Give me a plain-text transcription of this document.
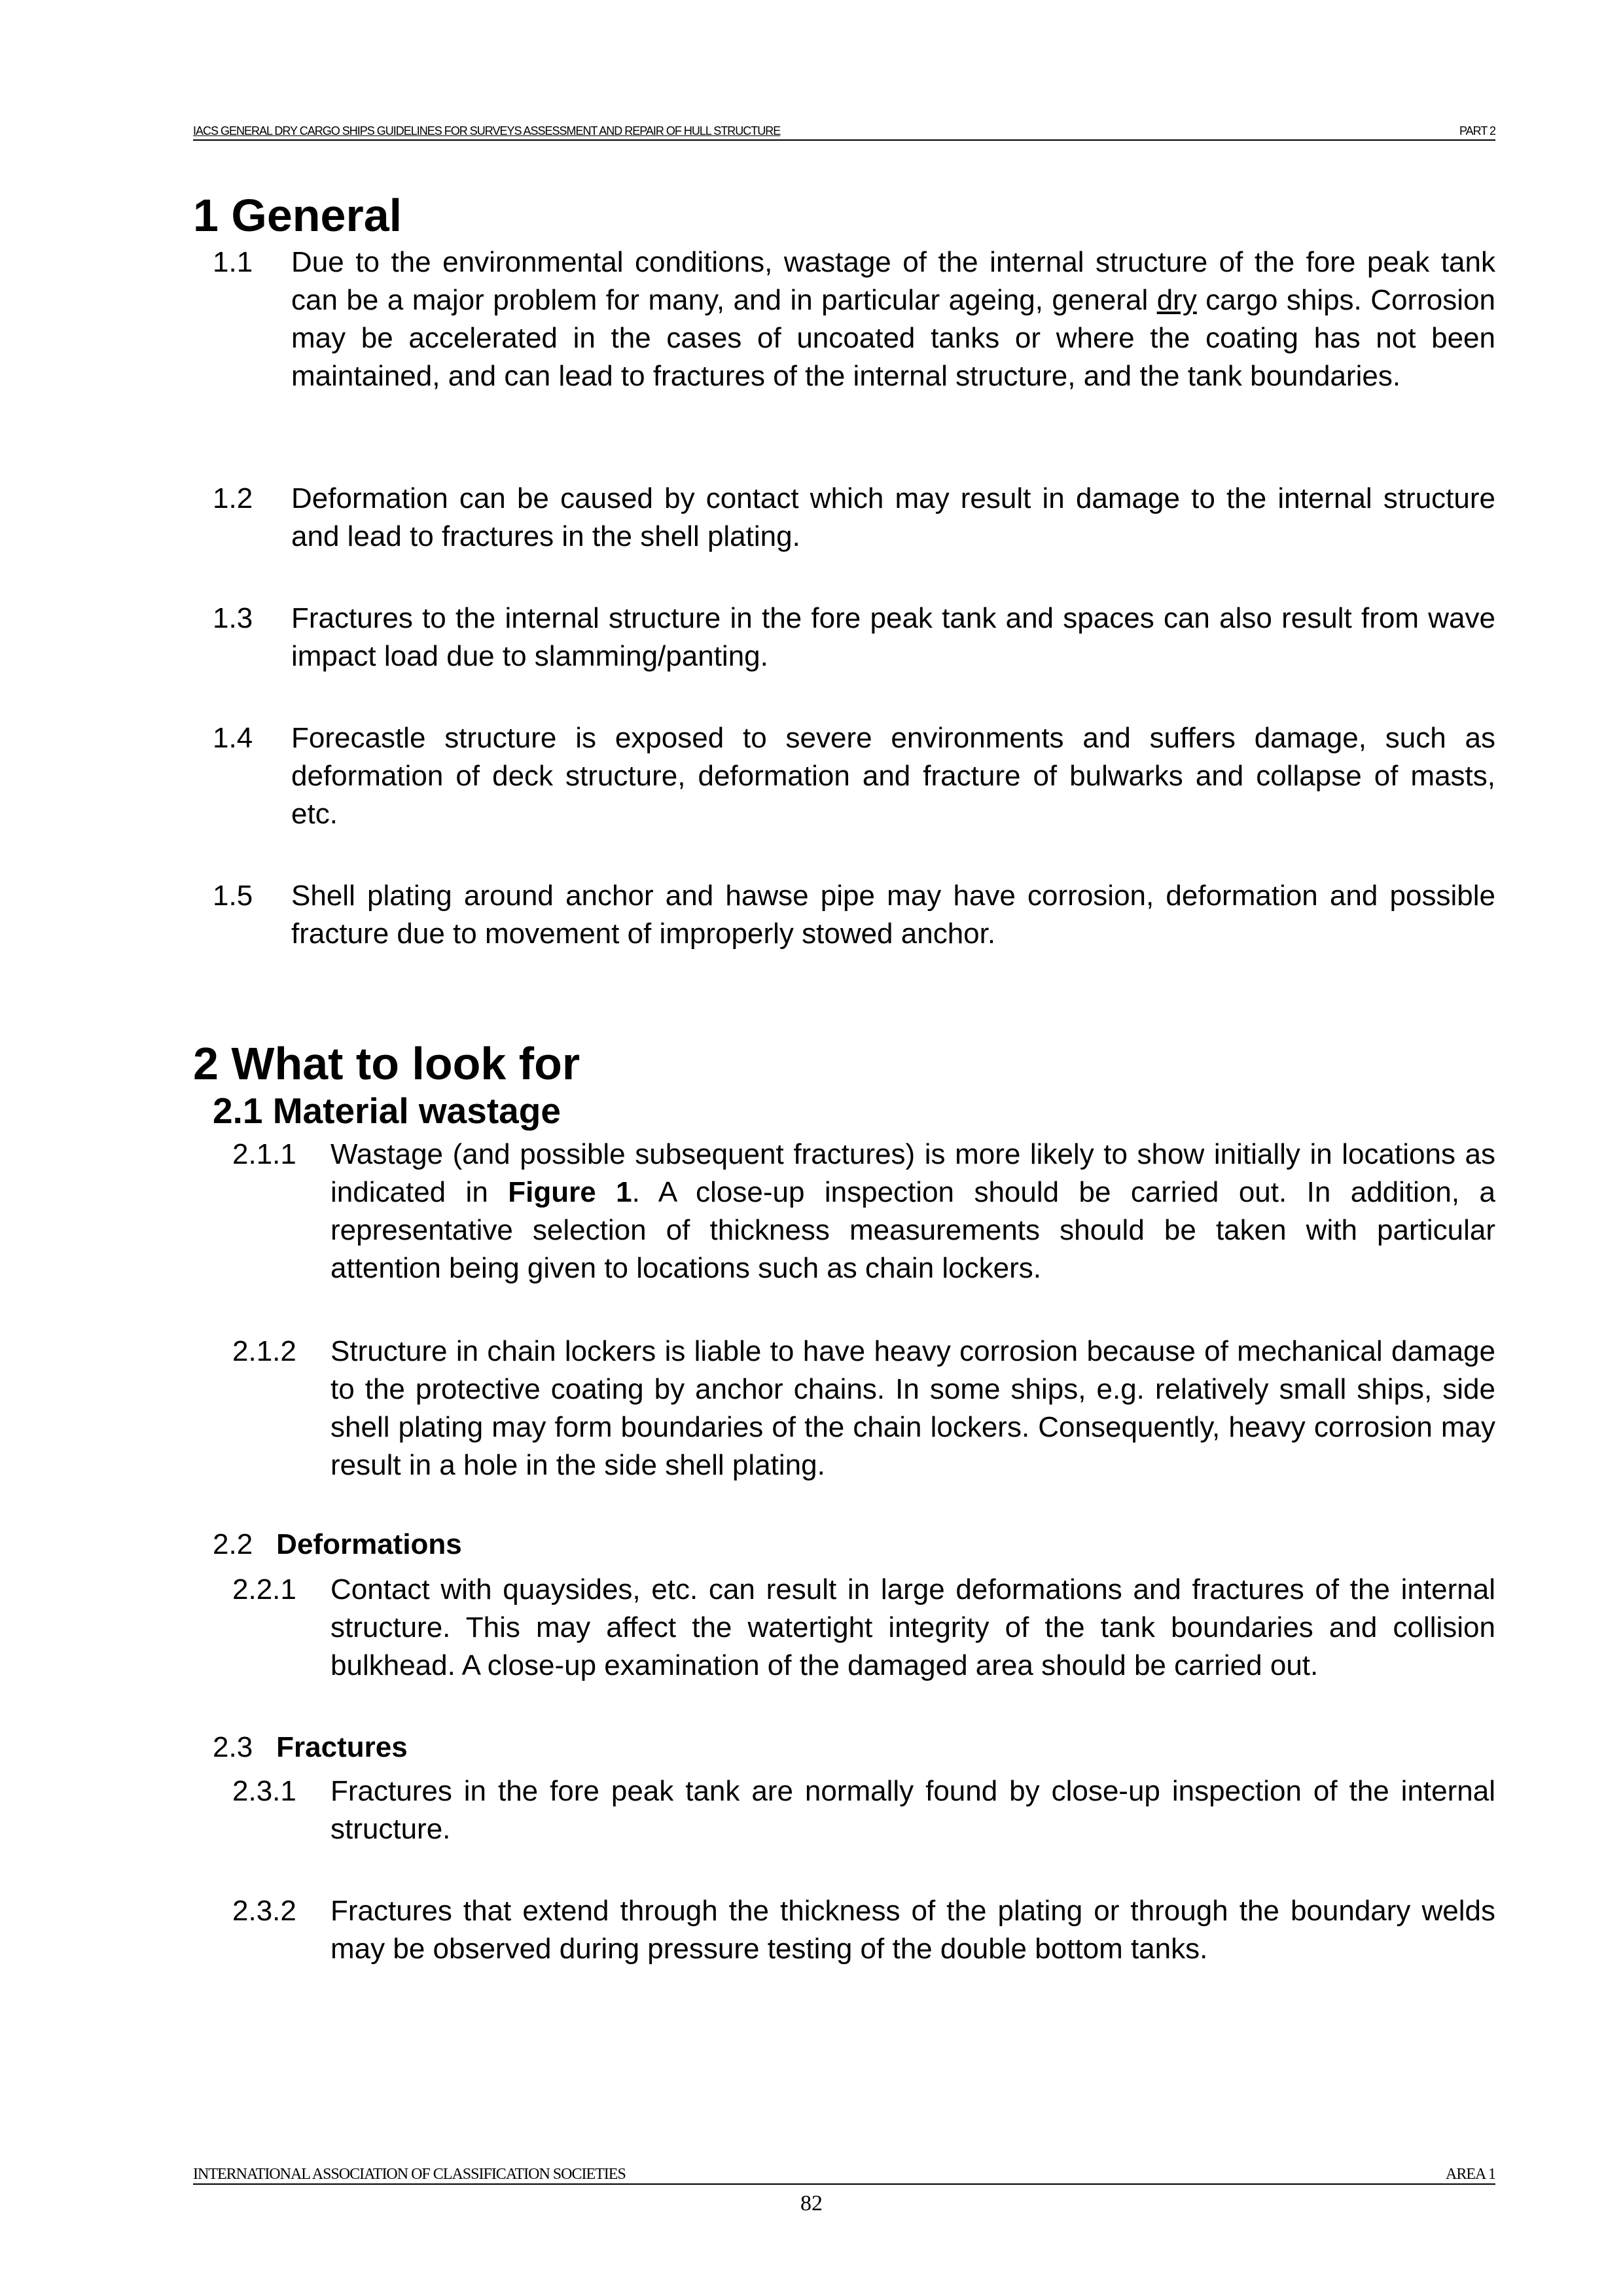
IACS GENERAL DRY CARGO SHIPS GUIDELINES FOR SURVEYS ASSESSMENT AND REPAIR OF HULL STRUCTURE	PART 2
1 General
1.1 Due to the environmental conditions, wastage of the internal structure of the fore peak tank can be a major problem for many, and in particular ageing, general dry cargo ships. Corrosion may be accelerated in the cases of uncoated tanks or where the coating has not been maintained, and can lead to fractures of the internal structure, and the tank boundaries.
1.2 Deformation can be caused by contact which may result in damage to the internal structure and lead to fractures in the shell plating.
1.3 Fractures to the internal structure in the fore peak tank and spaces can also result from wave impact load due to slamming/panting.
1.4 Forecastle structure is exposed to severe environments and suffers damage, such as deformation of deck structure, deformation and fracture of bulwarks and collapse of masts, etc.
1.5 Shell plating around anchor and hawse pipe may have corrosion, deformation and possible fracture due to movement of improperly stowed anchor.
2 What to look for
2.1 Material wastage
2.1.1 Wastage (and possible subsequent fractures) is more likely to show initially in locations as indicated in Figure 1. A close-up inspection should be carried out. In addition, a representative selection of thickness measurements should be taken with particular attention being given to locations such as chain lockers.
2.1.2 Structure in chain lockers is liable to have heavy corrosion because of mechanical damage to the protective coating by anchor chains. In some ships, e.g. relatively small ships, side shell plating may form boundaries of the chain lockers. Consequently, heavy corrosion may result in a hole in the side shell plating.
2.2 Deformations
2.2.1 Contact with quaysides, etc. can result in large deformations and fractures of the internal structure. This may affect the watertight integrity of the tank boundaries and collision bulkhead. A close-up examination of the damaged area should be carried out.
2.3 Fractures
2.3.1 Fractures in the fore peak tank are normally found by close-up inspection of the internal structure.
2.3.2 Fractures that extend through the thickness of the plating or through the boundary welds may be observed during pressure testing of the double bottom tanks.
INTERNATIONAL ASSOCIATION OF CLASSIFICATION SOCIETIES	AREA 1
82
